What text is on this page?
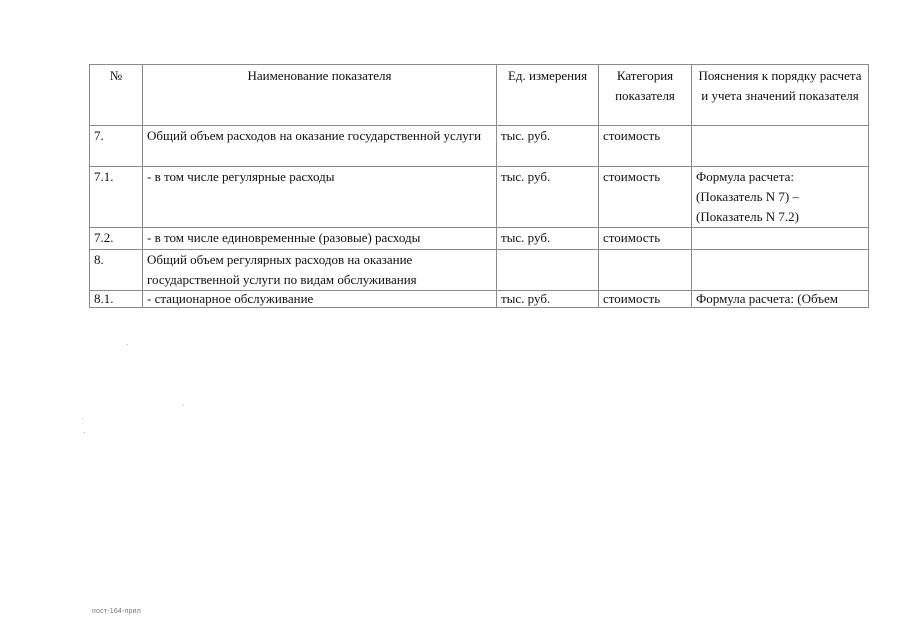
№	Наименование показателя	Ед. измерения	Категория показателя	Пояснения к порядку расчета и учета значений показателя
7.	Общий объем расходов на оказание государственной услуги	тыс. руб.	стоимость	
7.1.	- в том числе регулярные расходы	тыс. руб.	стоимость	Формула расчета:
(Показатель N 7) –
(Показатель N 7.2)

7.2.	- в том числе единовременные (разовые) расходы	тыс. руб.	стоимость	
8.	Общий объем регулярных расходов на оказание государственной услуги по видам обслуживания			
8.1.	- стационарное обслуживание	тыс. руб.	стоимость	Формула расчета: (Объем
пост-164-прил
